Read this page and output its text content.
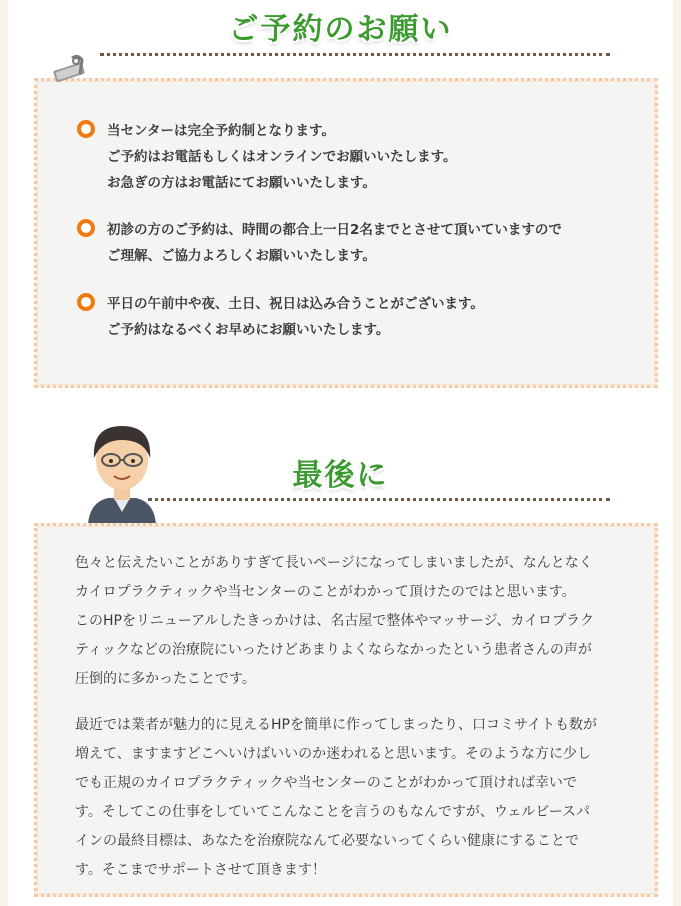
ご予約のお願い
当センターは完全予約制となります。
ご予約はお電話もしくはオンラインでお願いいたします。
お急ぎの方はお電話にてお願いいたします。
初診の方のご予約は、時間の都合上一日2名までとさせて頂いていますので
ご理解、ご協力よろしくお願いいたします。
平日の午前中や夜、土日、祝日は込み合うことがございます。
ご予約はなるべくお早めにお願いいたします。
最後に
色々と伝えたいことがありすぎて長いページになってしまいましたが、なんとなく
カイロプラクティックや当センターのことがわかって頂けたのではと思います。
このHPをリニューアルしたきっかけは、名古屋で整体やマッサージ、カイロプラク
ティックなどの治療院にいったけどあまりよくならなかったという患者さんの声が
圧倒的に多かったことです。
最近では業者が魅力的に見えるHPを簡単に作ってしまったり、口コミサイトも数が
増えて、ますますどこへいけばいいのか迷われると思います。そのような方に少し
でも正規のカイロプラクティックや当センターのことがわかって頂ければ幸いで
す。そしてこの仕事をしていてこんなことを言うのもなんですが、ウェルビースパ
インの最終目標は、あなたを治療院なんて必要ないってくらい健康にすることで
す。そこまでサポートさせて頂きます！
